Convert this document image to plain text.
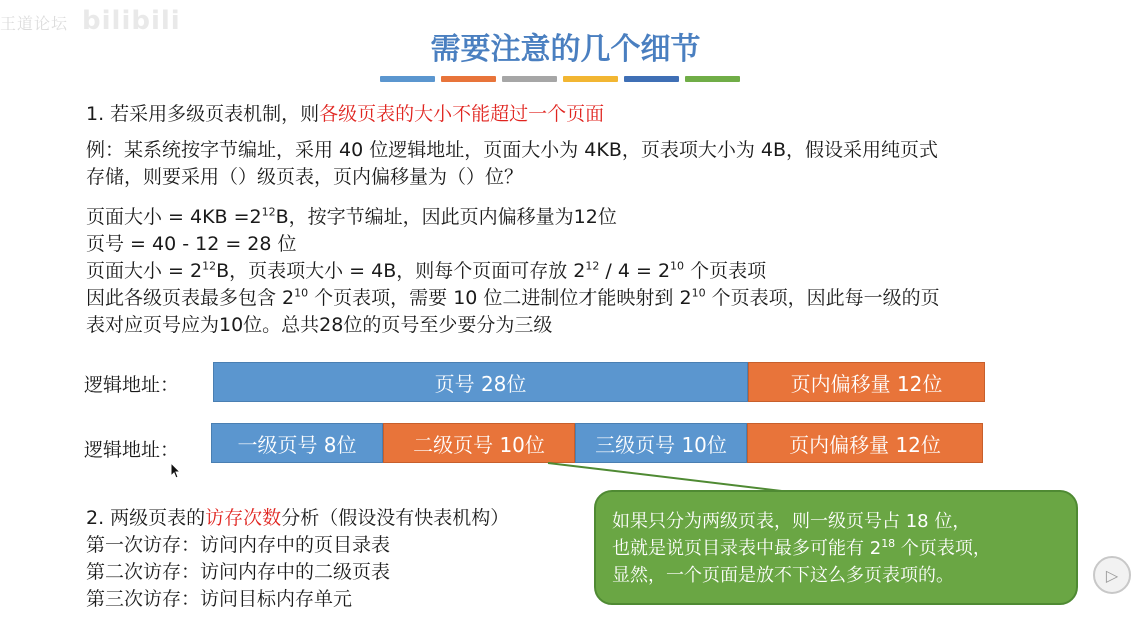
王道论坛 bilibili
需要注意的几个细节
1. 若采用多级页表机制，则各级页表的大小不能超过一个页面
例：某系统按字节编址，采用 40 位逻辑地址，页面大小为 4KB，页表项大小为 4B，假设采用纯页式
存储，则要采用（）级页表，页内偏移量为（）位？
页面大小 = $4KB =2^{12}B$，按字节编址，因此页内偏移量为12位
页号 = 40 - 12 = 28 位
页面大小 = $2^{12}B$，页表项大小 = 4B，则每个页面可存放 $2^{12} / 4 = 2^{10}$ 个页表项
因此各级页表最多包含 $2^{10}$ 个页表项，需要 10 位二进制位才能映射到 $2^{10}$ 个页表项，因此每一级的页
表对应页号应为10位。总共28位的页号至少要分为三级
逻辑地址：	页号 28位	页内偏移量 12位
逻辑地址：	一级页号 8位	二级页号 10位	三级页号 10位	页内偏移量 12位
2. 两级页表的访存次数分析（假设没有快表机构）
第一次访存：访问内存中的页目录表
第二次访存：访问内存中的二级页表
第三次访存：访问目标内存单元
如果只分为两级页表，则一级页号占 18 位，
也就是说页目录表中最多可能有 $2^{18}$ 个页表项，
显然，一个页面是放不下这么多页表项的。	▷
